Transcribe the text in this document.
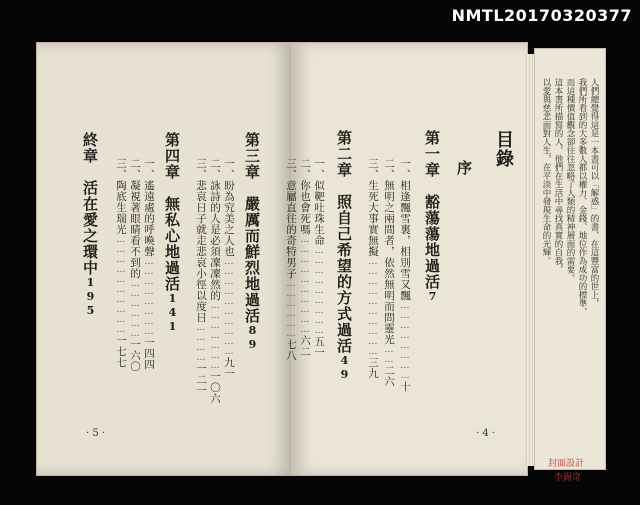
NMTL20170320377
目錄
序
第一章　豁蕩蕩地過活7
一、相逢飄雪裏，相別雪又飄……………………十
二、無明之兩間者，依然無明而問靈光……二六
三、生死大事實無擬…………………………三九
第二章　照自己希望的方式過活49
一、似靶吐珠生命………………………五一
二、你也會死嗎…………………………六二
三、意屬直往的奇特男子………………七八
第三章　嚴厲而鮮烈地過活89
一、盼為究美之人也…………………………九一
二、詠詩的人是必須凜凜然的…………………一〇六
三、悲哀日子就走悲哀小徑以度日…………一二一
第四章　無私心地過活141
一、遙遠處的呼喚聲……………………一四四
二、凝視著眼睛看不到的………………一六〇
三、陶底生瑞光…………………………一七七
終章　活在愛之環中195
· 5 ·	· 4 ·
人們總覺得這是一本書可以「解惑」的書，在這豐富的世上，
我們所看到的大多數人都以權力、金錢、地位作為成功的標準，
而這種價值觀念卻往往忽略了人類的精神層面的需要。
這本書所描寫的人，他們在生活中尋找真實的自我，
以愛與慈悲面對人生，在平淡中發現生命的光輝。
封面設計
李錫奇
